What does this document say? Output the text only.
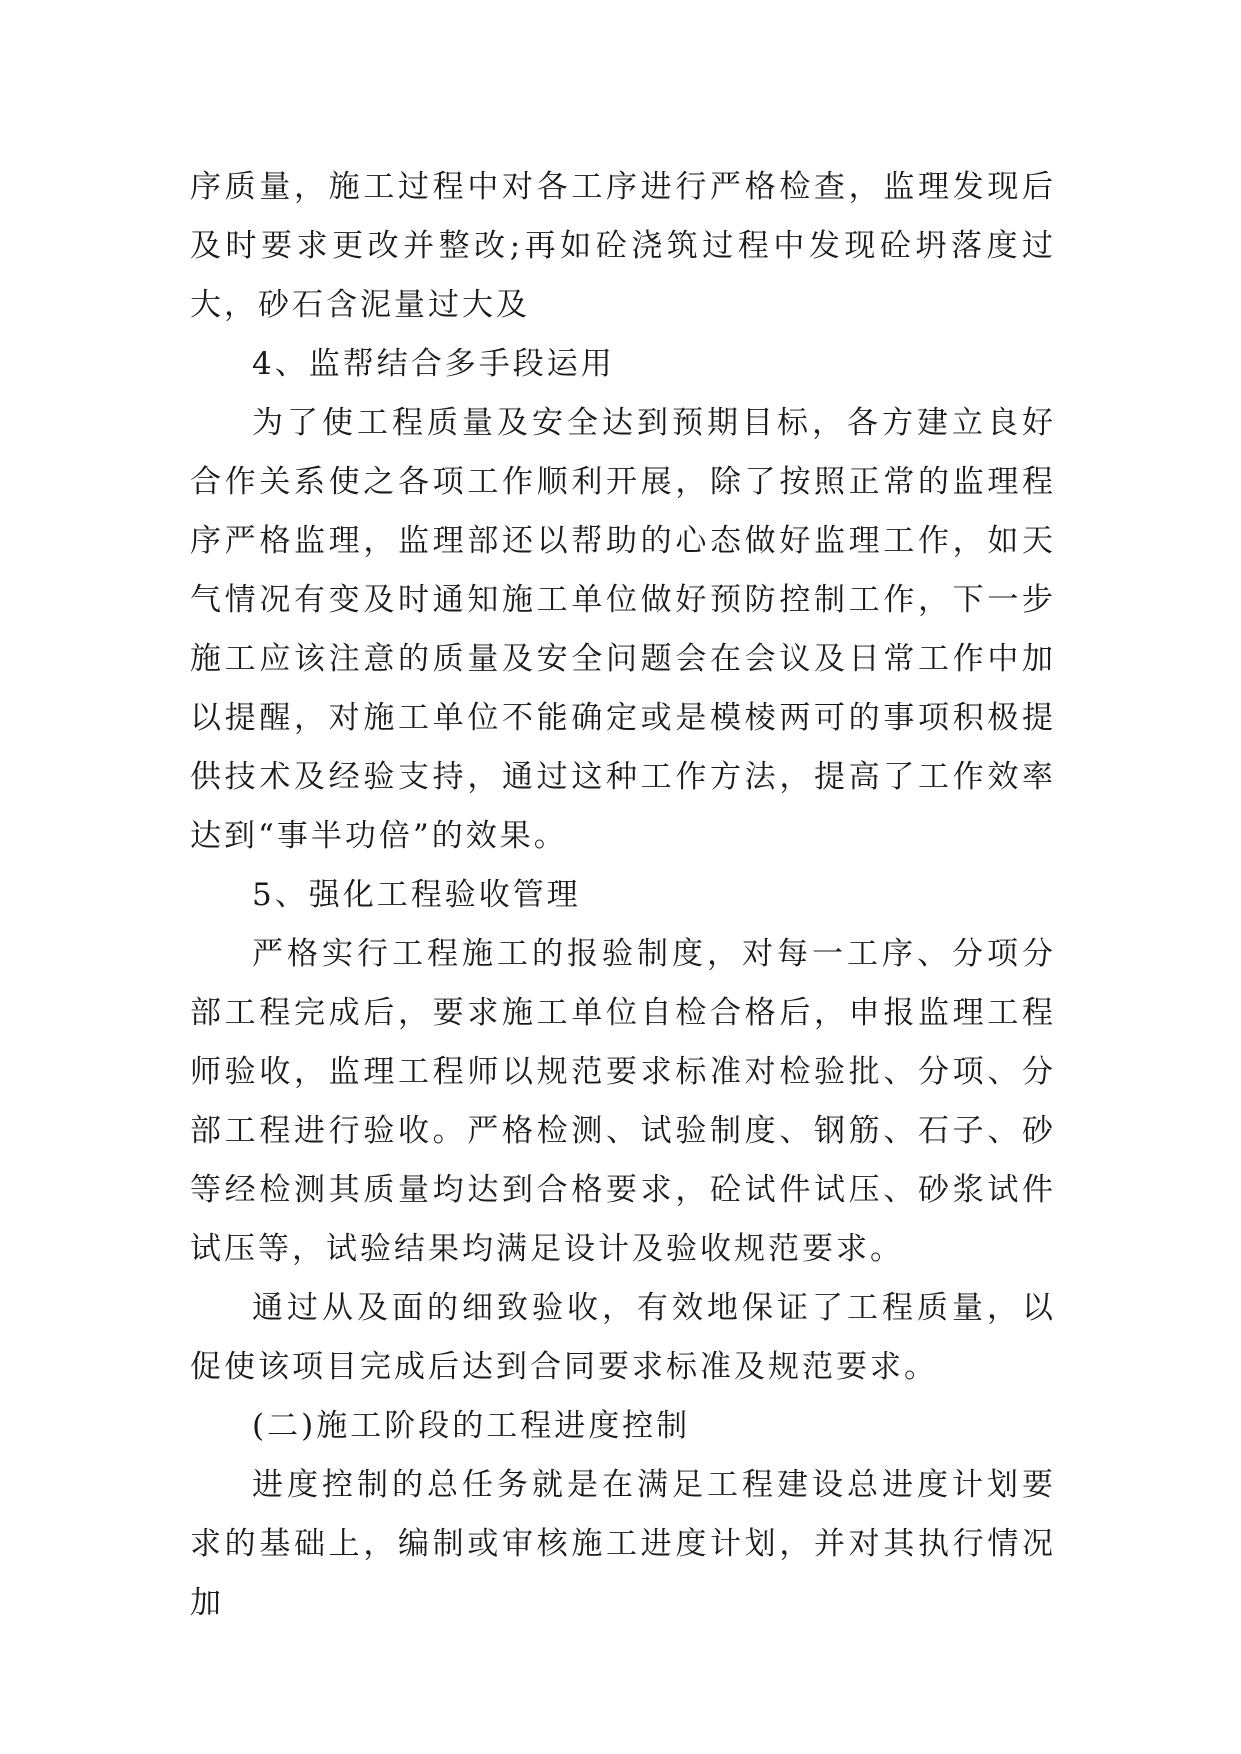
序质量，施工过程中对各工序进行严格检查，监理发现后及时要求更改并整改;再如砼浇筑过程中发现砼坍落度过大，砂石含泥量过大及

4、监帮结合多手段运用

为了使工程质量及安全达到预期目标，各方建立良好合作关系使之各项工作顺利开展，除了按照正常的监理程序严格监理，监理部还以帮助的心态做好监理工作，如天气情况有变及时通知施工单位做好预防控制工作，下一步施工应该注意的质量及安全问题会在会议及日常工作中加以提醒，对施工单位不能确定或是模棱两可的事项积极提供技术及经验支持，通过这种工作方法，提高了工作效率达到“事半功倍”的效果。

5、强化工程验收管理

严格实行工程施工的报验制度，对每一工序、分项分部工程完成后，要求施工单位自检合格后，申报监理工程师验收，监理工程师以规范要求标准对检验批、分项、分部工程进行验收。严格检测、试验制度、钢筋、石子、砂等经检测其质量均达到合格要求，砼试件试压、砂浆试件试压等，试验结果均满足设计及验收规范要求。

通过从及面的细致验收，有效地保证了工程质量，以促使该项目完成后达到合同要求标准及规范要求。

(二)施工阶段的工程进度控制

进度控制的总任务就是在满足工程建设总进度计划要求的基础上，编制或审核施工进度计划，并对其执行情况加
